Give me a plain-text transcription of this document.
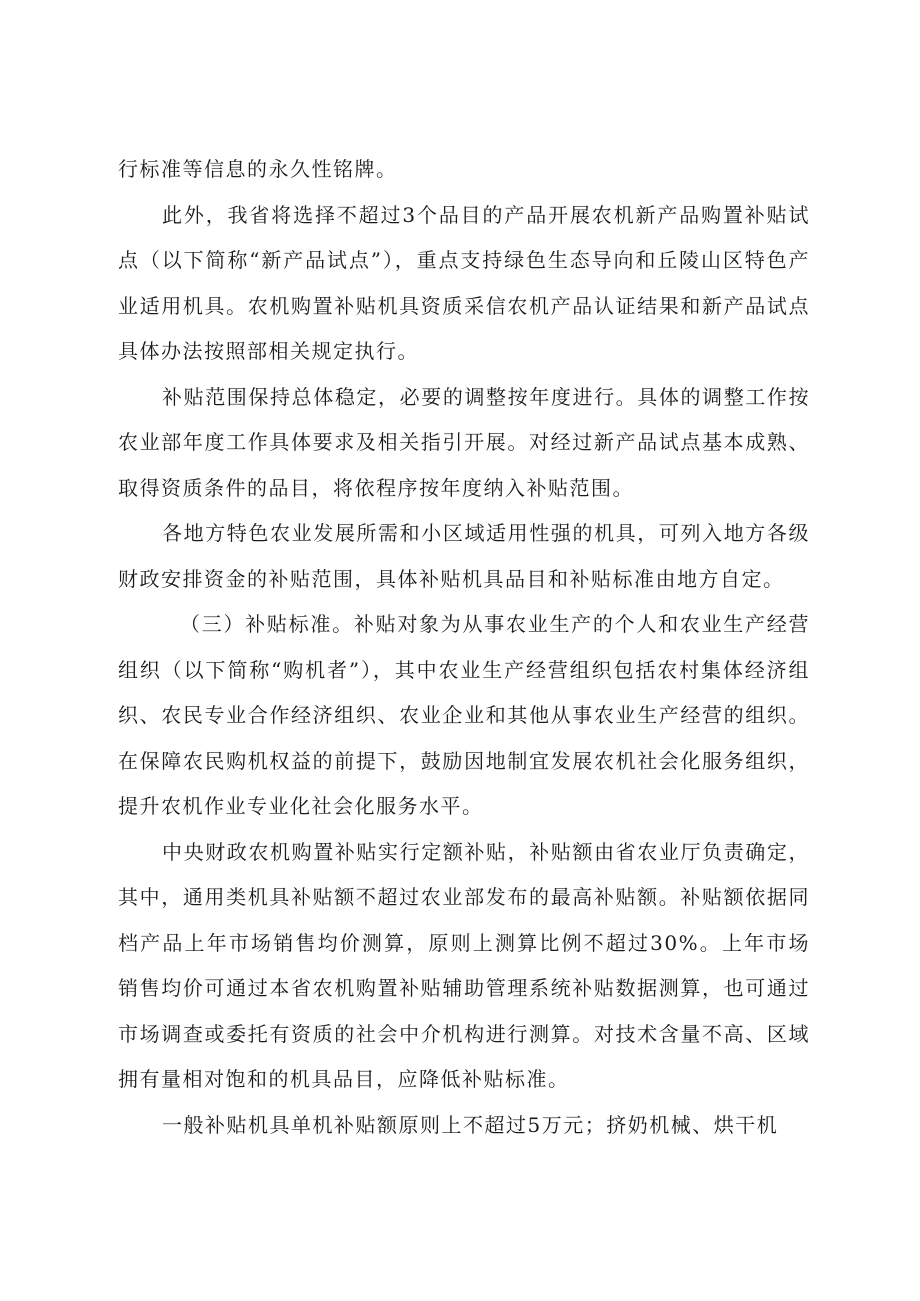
行标准等信息的永久性铭牌。

此外，我省将选择不超过3个品目的产品开展农机新产品购置补贴试点（以下简称“新产品试点”），重点支持绿色生态导向和丘陵山区特色产业适用机具。农机购置补贴机具资质采信农机产品认证结果和新产品试点具体办法按照部相关规定执行。

补贴范围保持总体稳定，必要的调整按年度进行。具体的调整工作按农业部年度工作具体要求及相关指引开展。对经过新产品试点基本成熟、取得资质条件的品目，将依程序按年度纳入补贴范围。

各地方特色农业发展所需和小区域适用性强的机具，可列入地方各级财政安排资金的补贴范围，具体补贴机具品目和补贴标准由地方自定。

（三）补贴标准。补贴对象为从事农业生产的个人和农业生产经营组织（以下简称“购机者”），其中农业生产经营组织包括农村集体经济组织、农民专业合作经济组织、农业企业和其他从事农业生产经营的组织。在保障农民购机权益的前提下，鼓励因地制宜发展农机社会化服务组织，提升农机作业专业化社会化服务水平。

中央财政农机购置补贴实行定额补贴，补贴额由省农业厅负责确定，其中，通用类机具补贴额不超过农业部发布的最高补贴额。补贴额依据同档产品上年市场销售均价测算，原则上测算比例不超过30%。上年市场销售均价可通过本省农机购置补贴辅助管理系统补贴数据测算，也可通过市场调查或委托有资质的社会中介机构进行测算。对技术含量不高、区域拥有量相对饱和的机具品目，应降低补贴标准。

一般补贴机具单机补贴额原则上不超过5万元；挤奶机械、烘干机
